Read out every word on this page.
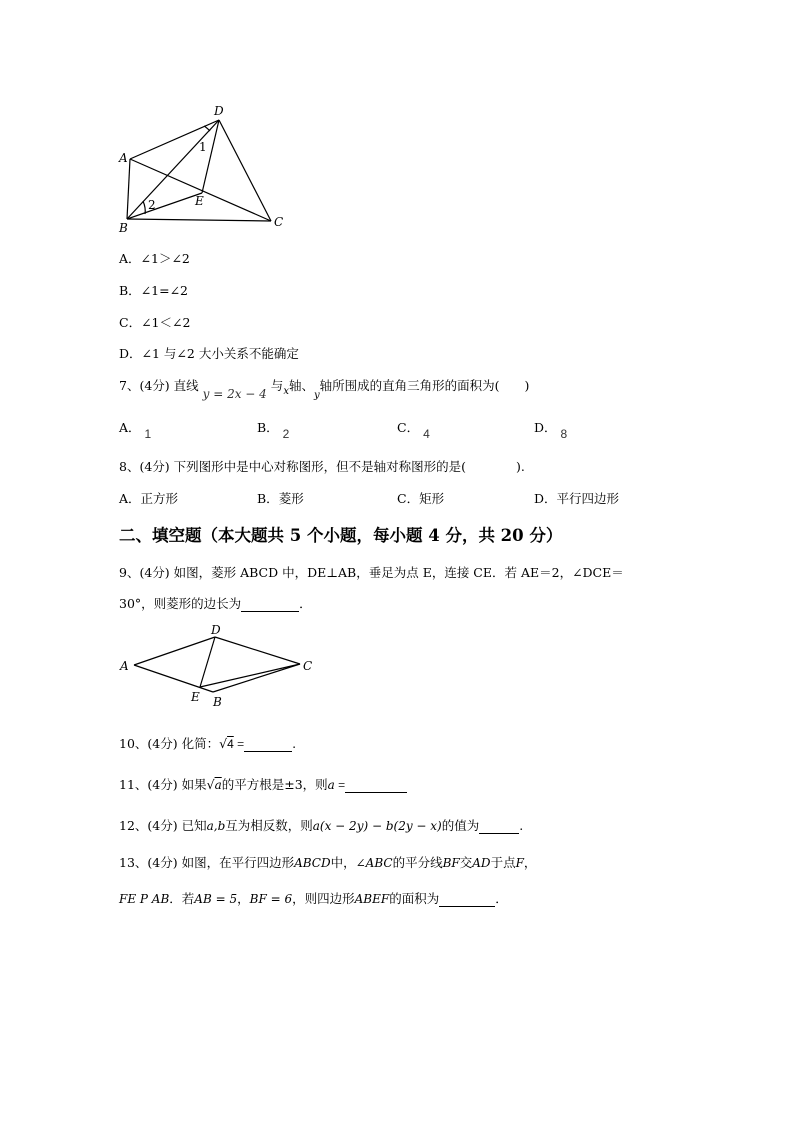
D
A
B	C
E
1
2
A．∠1＞∠2
B．∠1=∠2
C．∠1＜∠2
D．∠1 与∠2 大小关系不能确定
7、(4分) 直线 y = 2x − 4 与$_x$轴、$_y$轴所围成的直角三角形的面积为(　　)
A． 1	B． 2	C． 4	D． 8
8、(4分) 下列图形中是中心对称图形，但不是轴对称图形的是(　　　　).
A．正方形	B．菱形	C．矩形	D．平行四边形
二、填空题（本大题共 5 个小题，每小题 4 分，共 20 分）
9、(4分) 如图，菱形 ABCD 中，DE⊥AB，垂足为点 E，连接 CE．若 AE＝2，∠DCE＝
30°，则菱形的边长为	．
D
A	C
E B
10、(4分) 化简：√4 =	.
11、(4分) 如果√a的平方根是±3，则a =
12、(4分) 已知a,b互为相反数，则a(x − 2y) − b(2y − x)的值为	.
13、(4分) 如图，在平行四边形ABCD中，∠ABC的平分线BF交AD于点F，
FE P AB．若AB = 5，BF = 6，则四边形ABEF的面积为	．
